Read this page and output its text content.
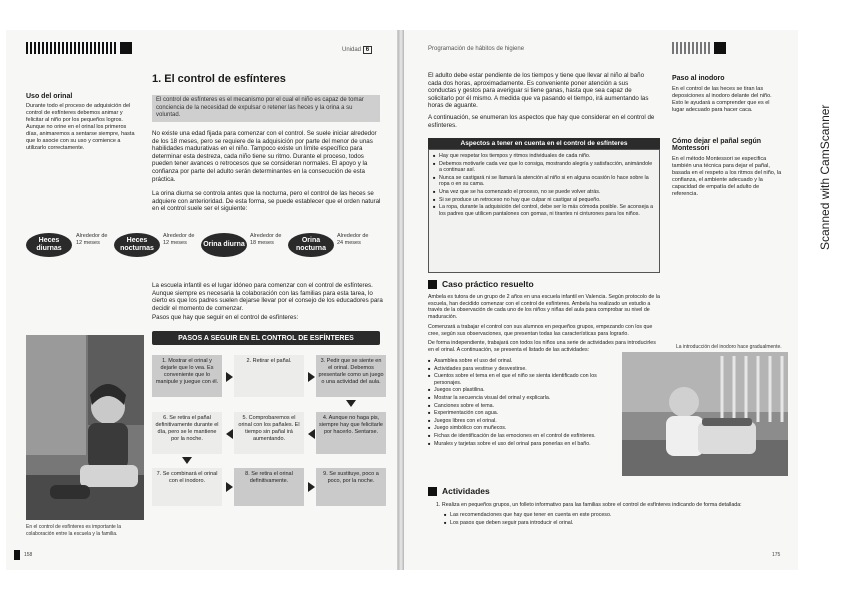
Unidad 6
Uso del orinal
Durante todo el proceso de adquisición del control de esfínteres debemos animar y felicitar al niño por los pequeños logros. Aunque no orine en el orinal los primeros días, animaremos a sentarse siempre, hasta que lo asocie con su uso y comience a utilizarlo correctamente.
1. El control de esfínteres
El control de esfínteres es el mecanismo por el cual el niño es capaz de tomar conciencia de la necesidad de expulsar o retener las heces y la orina a su voluntad.
No existe una edad fijada para comenzar con el control. Se suele iniciar alrededor de los 18 meses, pero se requiere de la adquisición por parte del menor de unas habilidades madurativas en el niño. Tampoco existe un límite específico para determinar esta destreza, cada niño tiene su ritmo. Durante el proceso, todos pueden tener avances o retrocesos que se consideran normales. El apoyo y la confianza por parte del adulto serán determinantes en la consecución de esta práctica.
La orina diurna se controla antes que la nocturna, pero el control de las heces se adquiere con anterioridad. De esta forma, se puede establecer que el orden natural en el control suele ser el siguiente:
Heces diurnas
Alrededor de 12 meses	Heces nocturnas
Alrededor de 12 meses	Orina diurna
Alrededor de 18 meses	Orina nocturna
Alrededor de 24 meses
La escuela infantil es el lugar idóneo para comenzar con el control de esfínteres. Aunque siempre es necesaria la colaboración con las familias para esta tarea, lo cierto es que los padres suelen dejarse llevar por el consejo de los educadores para decidir el momento de comenzar.
Pasos que hay que seguir en el control de esfínteres:
En el control de esfínteres es importante la colaboración entre la escuela y la familia.
PASOS A SEGUIR EN EL CONTROL DE ESFÍNTERES
1. Mostrar el orinal y dejarle que lo vea. Es conveniente que lo manipule y juegue con él.
2. Retirar el pañal.	3. Pedir que se siente en el orinal. Debemos presentarle como un juego o una actividad del aula.
6. Se retira el pañal definitivamente durante el día, pero se le mantiene por la noche.
5. Comprobaremos el orinal con los pañales. El tiempo sin pañal irá aumentando.
4. Aunque no haga pis, siempre hay que felicitarle por hacerlo. Sentarse.
7. Se combinará el orinal con el inodoro.
8. Se retira el orinal definitivamente.
9. Se sustituye, poco a poco, por la noche.
158
Programación de hábitos de higiene
El adulto debe estar pendiente de los tiempos y tiene que llevar al niño al baño cada dos horas, aproximadamente. Es conveniente poner atención a sus conductas y gestos para averiguar si tiene ganas, hasta que sea capaz de solicitarlo por él mismo. A medida que va pasando el tiempo, irá aumentando las horas de aguante.
A continuación, se enumeran los aspectos que hay que considerar en el control de esfínteres.
Aspectos a tener en cuenta en el control de esfínteres
■ Hay que respetar los tiempos y ritmos individuales de cada niño.
■ Debemos motivarle cada vez que lo consiga, mostrando alegría y satisfacción, animándole a continuar así.
■ Nunca se castigará ni se llamará la atención al niño si en alguna ocasión lo hace sobre la ropa o en su cama.
■ Una vez que se ha comenzado el proceso, no se puede volver atrás.
■ Si se produce un retroceso no hay que culpar ni castigar al pequeño.
■ La ropa, durante la adquisición del control, debe ser lo más cómoda posible. Se aconseja a los padres que utilicen pantalones con gomas, ni tirantes ni cinturones para los niños.
Paso al inodoro
En el control de las heces se tiran las deposiciones al inodoro delante del niño. Esto le ayudará a comprender que es el lugar adecuado para hacer caca.
Cómo dejar el pañal según Montessori
En el método Montessori se especifica también una técnica para dejar el pañal, basada en el respeto a los ritmos del niño, la confianza, el ambiente adecuado y la capacidad de empatía del adulto de referencia.
Caso práctico resuelto
Ambela es tutora de un grupo de 2 años en una escuela infantil en Valencia. Según protocolo de la escuela, han decidido comenzar con el control de esfínteres. Ambela ha realizado un estudio a través de la observación de cada uno de los niños y niñas del aula para comprobar su nivel de maduración.
Comenzará a trabajar el control con sus alumnos en pequeños grupos, empezando con los que cree, según sus observaciones, que presentan todas las características para lograrlo.
De forma independiente, trabajará con todos los niños una serie de actividades para introducirles en el orinal. A continuación, se presenta el listado de las actividades:
■ Asamblea sobre el uso del orinal.
■ Actividades para vestirse y desvestirse.
■ Cuentos sobre el tema en el que el niño se sienta identificado con los personajes.
■ Juegos con plastilina.
■ Mostrar la secuencia visual del orinal y explicarla.
■ Canciones sobre el tema.
■ Experimentación con agua.
■ Juegos libres con el orinal.
■ Juego simbólico con muñecos.
■ Fichas de identificación de las emociones en el control de esfínteres.
■ Murales y tarjetas sobre el uso del orinal para ponerlas en el baño.
La introducción del inodoro hace gradualmente.
Actividades
1. Realiza en pequeños grupos, un folleto informativo para las familias sobre el control de esfínteres indicando de forma detallada:
■ Las recomendaciones que hay que tener en cuenta en este proceso.
■ Los pasos que deben seguir para introducir el orinal.
175
Scanned with CamScanner
